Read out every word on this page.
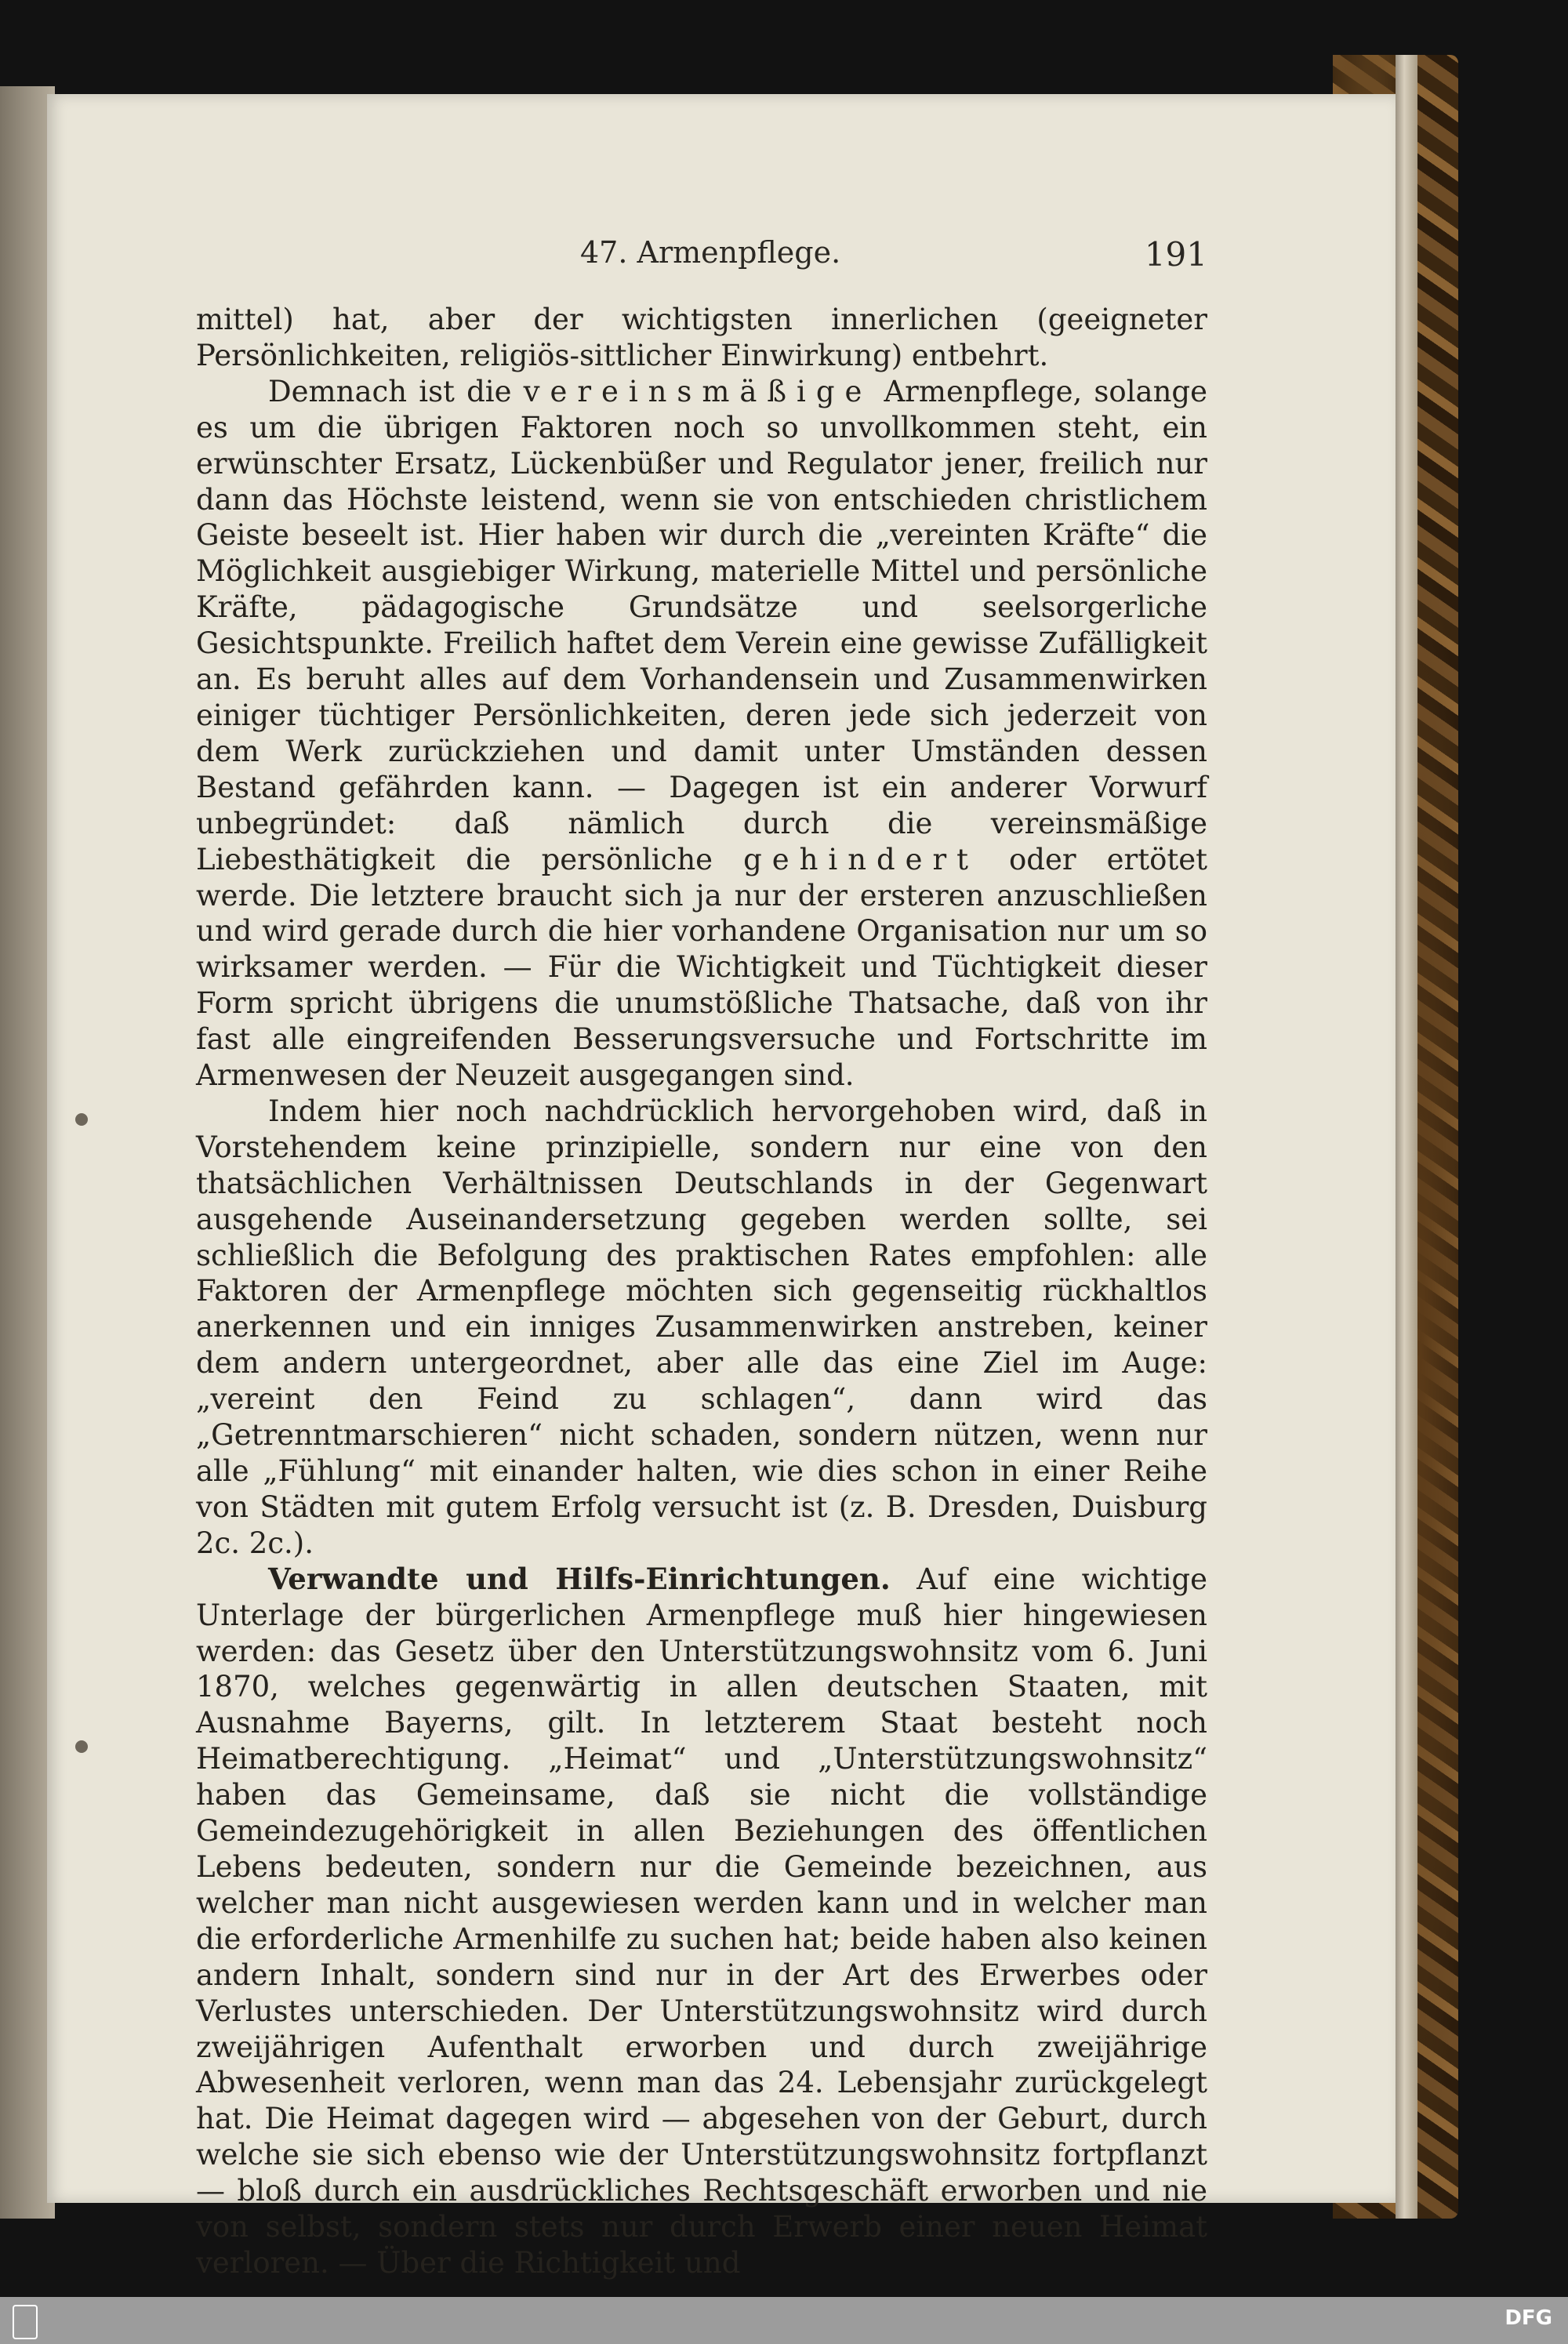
47. Armenpflege.	191

mittel) hat, aber der wichtigsten innerlichen (geeigneter Persönlichkeiten, religiös-sittlicher Einwirkung) entbehrt.

Demnach ist die vereinsmäßige Armenpflege, solange es um die übrigen Faktoren noch so unvollkommen steht, ein erwünschter Ersatz, Lückenbüßer und Regulator jener, freilich nur dann das Höchste leistend, wenn sie von entschieden christlichem Geiste beseelt ist. Hier haben wir durch die „vereinten Kräfte“ die Möglichkeit ausgiebiger Wirkung, materielle Mittel und persönliche Kräfte, pädagogische Grundsätze und seelsorgerliche Gesichtspunkte. Freilich haftet dem Verein eine gewisse Zufälligkeit an. Es beruht alles auf dem Vorhandensein und Zusammenwirken einiger tüchtiger Persönlichkeiten, deren jede sich jederzeit von dem Werk zurückziehen und damit unter Umständen dessen Bestand gefährden kann. — Dagegen ist ein anderer Vorwurf unbegründet: daß nämlich durch die vereinsmäßige Liebesthätigkeit die persönliche gehindert oder ertötet werde. Die letztere braucht sich ja nur der ersteren anzuschließen und wird gerade durch die hier vorhandene Organisation nur um so wirksamer werden. — Für die Wichtigkeit und Tüchtigkeit dieser Form spricht übrigens die unumstößliche Thatsache, daß von ihr fast alle eingreifenden Besserungsversuche und Fortschritte im Armenwesen der Neuzeit ausgegangen sind.

Indem hier noch nachdrücklich hervorgehoben wird, daß in Vorstehendem keine prinzipielle, sondern nur eine von den thatsächlichen Verhältnissen Deutschlands in der Gegenwart ausgehende Auseinandersetzung gegeben werden sollte, sei schließlich die Befolgung des praktischen Rates empfohlen: alle Faktoren der Armenpflege möchten sich gegenseitig rückhaltlos anerkennen und ein inniges Zusammenwirken anstreben, keiner dem andern untergeordnet, aber alle das eine Ziel im Auge: „vereint den Feind zu schlagen“, dann wird das „Getrenntmarschieren“ nicht schaden, sondern nützen, wenn nur alle „Fühlung“ mit einander halten, wie dies schon in einer Reihe von Städten mit gutem Erfolg versucht ist (z. B. Dresden, Duisburg 2c. 2c.).

Verwandte und Hilfs-Einrichtungen. Auf eine wichtige Unterlage der bürgerlichen Armenpflege muß hier hingewiesen werden: das Gesetz über den Unterstützungswohnsitz vom 6. Juni 1870, welches gegenwärtig in allen deutschen Staaten, mit Ausnahme Bayerns, gilt. In letzterem Staat besteht noch Heimatberechtigung. „Heimat“ und „Unterstützungswohnsitz“ haben das Gemeinsame, daß sie nicht die vollständige Gemeindezugehörigkeit in allen Beziehungen des öffentlichen Lebens bedeuten, sondern nur die Gemeinde bezeichnen, aus welcher man nicht ausgewiesen werden kann und in welcher man die erforderliche Armenhilfe zu suchen hat; beide haben also keinen andern Inhalt, sondern sind nur in der Art des Erwerbes oder Verlustes unterschieden. Der Unterstützungswohnsitz wird durch zweijährigen Aufenthalt erworben und durch zweijährige Abwesenheit verloren, wenn man das 24. Lebensjahr zurückgelegt hat. Die Heimat dagegen wird — abgesehen von der Geburt, durch welche sie sich ebenso wie der Unterstützungswohnsitz fortpflanzt — bloß durch ein ausdrückliches Rechtsgeschäft erworben und nie von selbst, sondern stets nur durch Erwerb einer neuen Heimat verloren. — Über die Richtigkeit und

DFG
